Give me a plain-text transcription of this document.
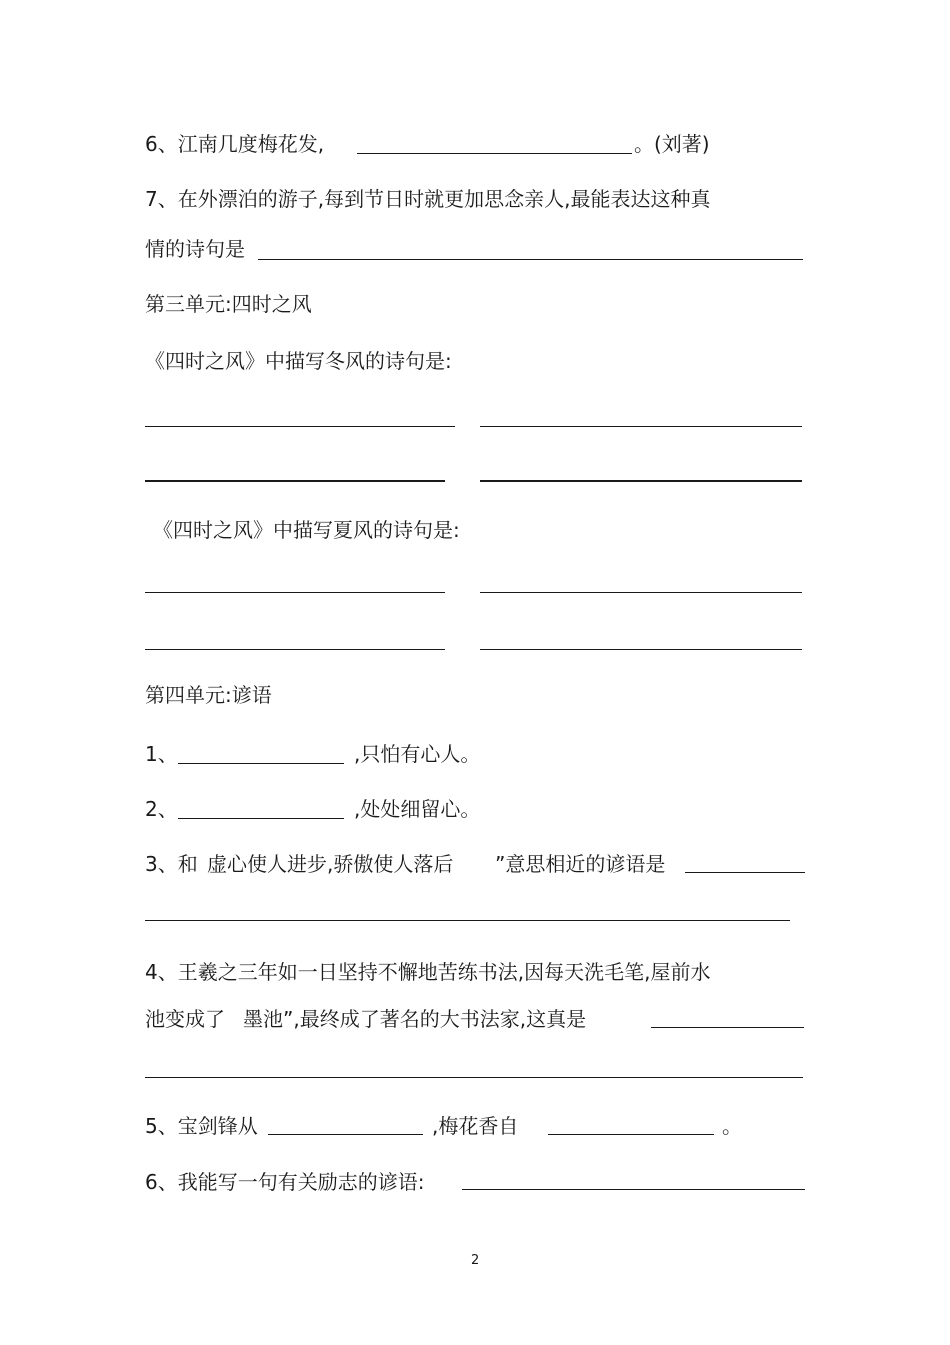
6、江南几度梅花发,	。(刘著)
7、在外漂泊的游子,每到节日时就更加思念亲人,最能表达这种真
情的诗句是
第三单元:四时之风
《四时之风》中描写冬风的诗句是:
《四时之风》中描写夏风的诗句是:
第四单元:谚语
1、	,只怕有心人。
2、	,处处细留心。
3、和 虚心使人进步,骄傲使人落后 ”意思相近的谚语是
4、王羲之三年如一日坚持不懈地苦练书法,因每天洗毛笔,屋前水
池变成了 墨池”,最终成了著名的大书法家,这真是
5、宝剑锋从	,梅花香自	。
6、我能写一句有关励志的谚语:
2
